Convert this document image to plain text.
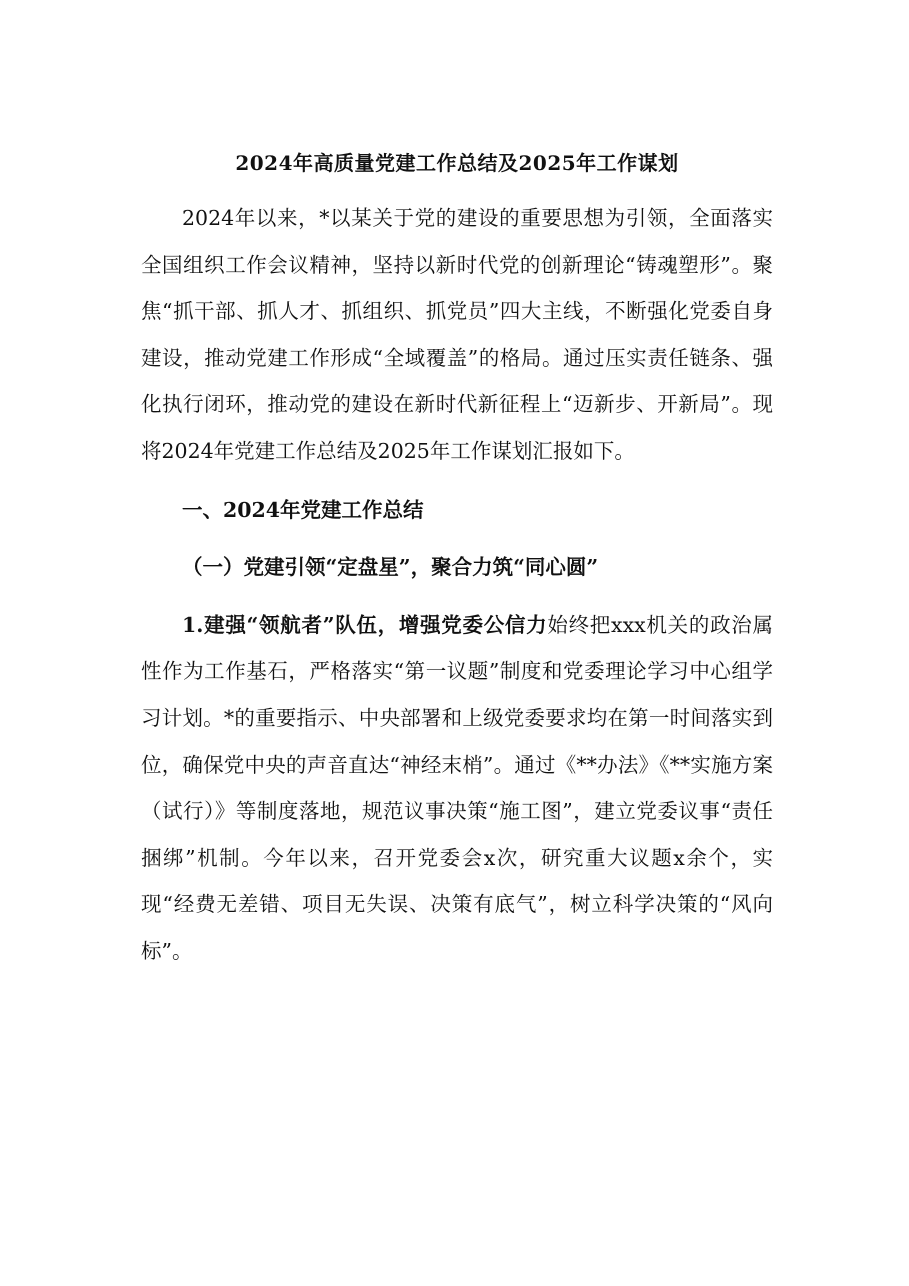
2024年高质量党建工作总结及2025年工作谋划

2024年以来，*以某关于党的建设的重要思想为引领，全面落实全国组织工作会议精神，坚持以新时代党的创新理论“铸魂塑形”。聚焦“抓干部、抓人才、抓组织、抓党员”四大主线，不断强化党委自身建设，推动党建工作形成“全域覆盖”的格局。通过压实责任链条、强化执行闭环，推动党的建设在新时代新征程上“迈新步、开新局”。现将2024年党建工作总结及2025年工作谋划汇报如下。

一、2024年党建工作总结
（一）党建引领“定盘星”，聚合力筑“同心圆”

1.建强“领航者”队伍，增强党委公信力始终把xxx机关的政治属性作为工作基石，严格落实“第一议题”制度和党委理论学习中心组学习计划。*的重要指示、中央部署和上级党委要求均在第一时间落实到位，确保党中央的声音直达“神经末梢”。通过《**办法》《**实施方案（试行）》等制度落地，规范议事决策“施工图”，建立党委议事“责任捆绑”机制。今年以来，召开党委会x次，研究重大议题x余个，实现“经费无差错、项目无失误、决策有底气”，树立科学决策的“风向标”。
